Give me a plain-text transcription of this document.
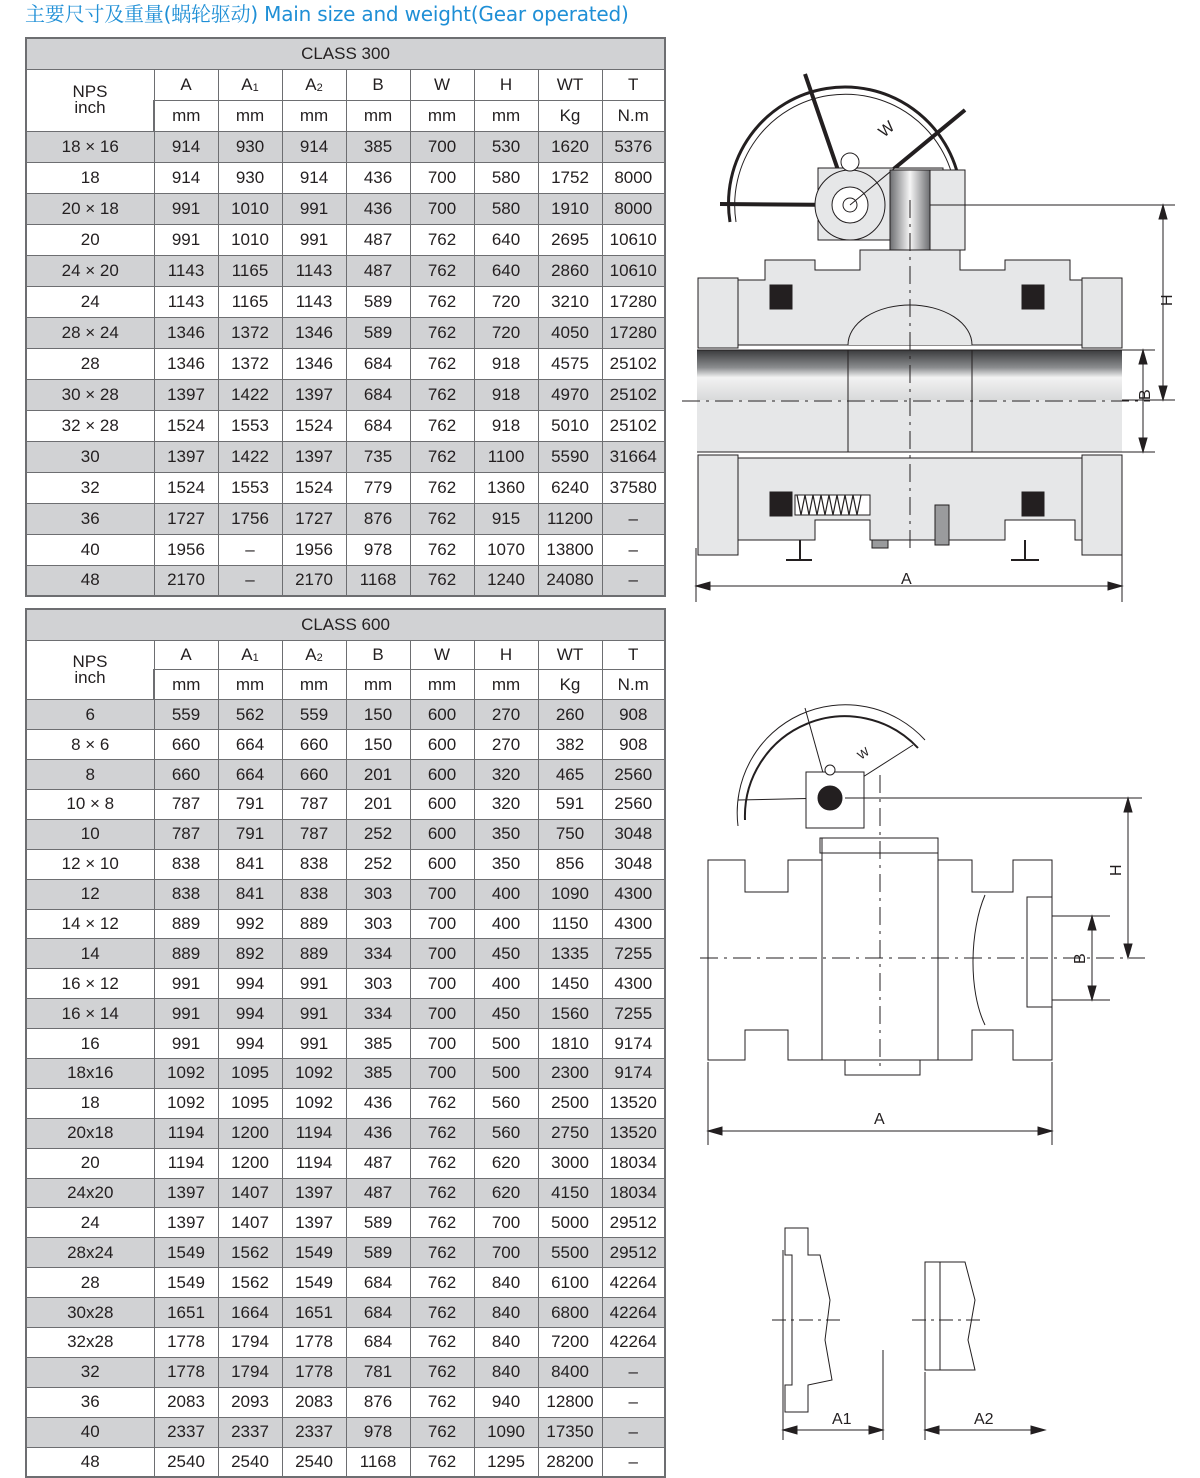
主要尺寸及重量(蜗轮驱动) Main size and weight(Gear operated)
CLASS 300								
NPS
inch	A	$A_1$	$A_2$	B	W	H	WT	T
	mm	mm	mm	mm	mm	mm	Kg	N.m
18 × 16	914	930	914	385	700	530	1620	5376
18	914	930	914	436	700	580	1752	8000
20 × 18	991	1010	991	436	700	580	1910	8000
20	991	1010	991	487	762	640	2695	10610
24 × 20	1143	1165	1143	487	762	640	2860	10610
24	1143	1165	1143	589	762	720	3210	17280
28 × 24	1346	1372	1346	589	762	720	4050	17280
28	1346	1372	1346	684	762	918	4575	25102
30 × 28	1397	1422	1397	684	762	918	4970	25102
32 × 28	1524	1553	1524	684	762	918	5010	25102
30	1397	1422	1397	735	762	1100	5590	31664
32	1524	1553	1524	779	762	1360	6240	37580
36	1727	1756	1727	876	762	915	11200	–
40	1956	–	1956	978	762	1070	13800	–
48	2170	–	2170	1168	762	1240	24080	–
CLASS 600								
NPS
inch	A	$A_1$	$A_2$	B	W	H	WT	T
	mm	mm	mm	mm	mm	mm	Kg	N.m
6	559	562	559	150	600	270	260	908
8 × 6	660	664	660	150	600	270	382	908
8	660	664	660	201	600	320	465	2560
10 × 8	787	791	787	201	600	320	591	2560
10	787	791	787	252	600	350	750	3048
12 × 10	838	841	838	252	600	350	856	3048
12	838	841	838	303	700	400	1090	4300
14 × 12	889	992	889	303	700	400	1150	4300
14	889	892	889	334	700	450	1335	7255
16 × 12	991	994	991	303	700	400	1450	4300
16 × 14	991	994	991	334	700	450	1560	7255
16	991	994	991	385	700	500	1810	9174
18x16	1092	1095	1092	385	700	500	2300	9174
18	1092	1095	1092	436	762	560	2500	13520
20x18	1194	1200	1194	436	762	560	2750	13520
20	1194	1200	1194	487	762	620	3000	18034
24x20	1397	1407	1397	487	762	620	4150	18034
24	1397	1407	1397	589	762	700	5000	29512
28x24	1549	1562	1549	589	762	700	5500	29512
28	1549	1562	1549	684	762	840	6100	42264
30x28	1651	1664	1651	684	762	840	6800	42264
32x28	1778	1794	1778	684	762	840	7200	42264
32	1778	1794	1778	781	762	840	8400	–
36	2083	2093	2083	876	762	940	12800	–
40	2337	2337	2337	978	762	1090	17350	–
48	2540	2540	2540	1168	762	1295	28200	–
A
B
H
W
A
B
H
W
A1	A2
